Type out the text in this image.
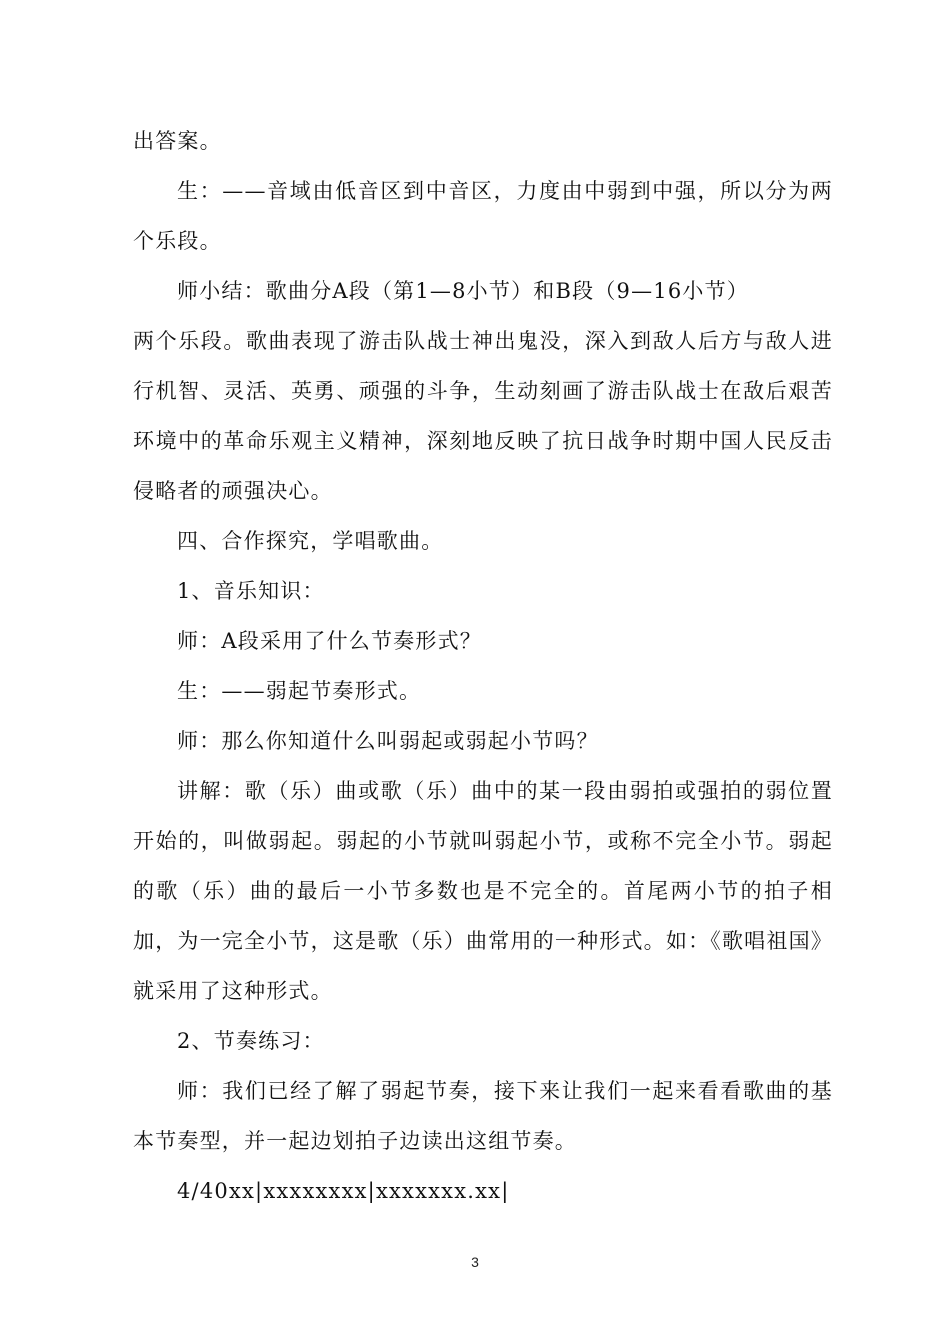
出答案。

生：——音域由低音区到中音区，力度由中弱到中强，所以分为两个乐段。

师小结：歌曲分A段（第1—8小节）和B段（9—16小节）

两个乐段。歌曲表现了游击队战士神出鬼没，深入到敌人后方与敌人进行机智、灵活、英勇、顽强的斗争，生动刻画了游击队战士在敌后艰苦环境中的革命乐观主义精神，深刻地反映了抗日战争时期中国人民反击侵略者的顽强决心。

四、合作探究，学唱歌曲。

1、音乐知识：

师：A段采用了什么节奏形式？

生：——弱起节奏形式。

师：那么你知道什么叫弱起或弱起小节吗？

讲解：歌（乐）曲或歌（乐）曲中的某一段由弱拍或强拍的弱位置开始的，叫做弱起。弱起的小节就叫弱起小节，或称不完全小节。弱起的歌（乐）曲的最后一小节多数也是不完全的。首尾两小节的拍子相加，为一完全小节，这是歌（乐）曲常用的一种形式。如：《歌唱祖国》就采用了这种形式。

2、节奏练习：

师：我们已经了解了弱起节奏，接下来让我们一起来看看歌曲的基本节奏型，并一起边划拍子边读出这组节奏。

4/40xx|xxxxxxxx|xxxxxxx.xx|

3
